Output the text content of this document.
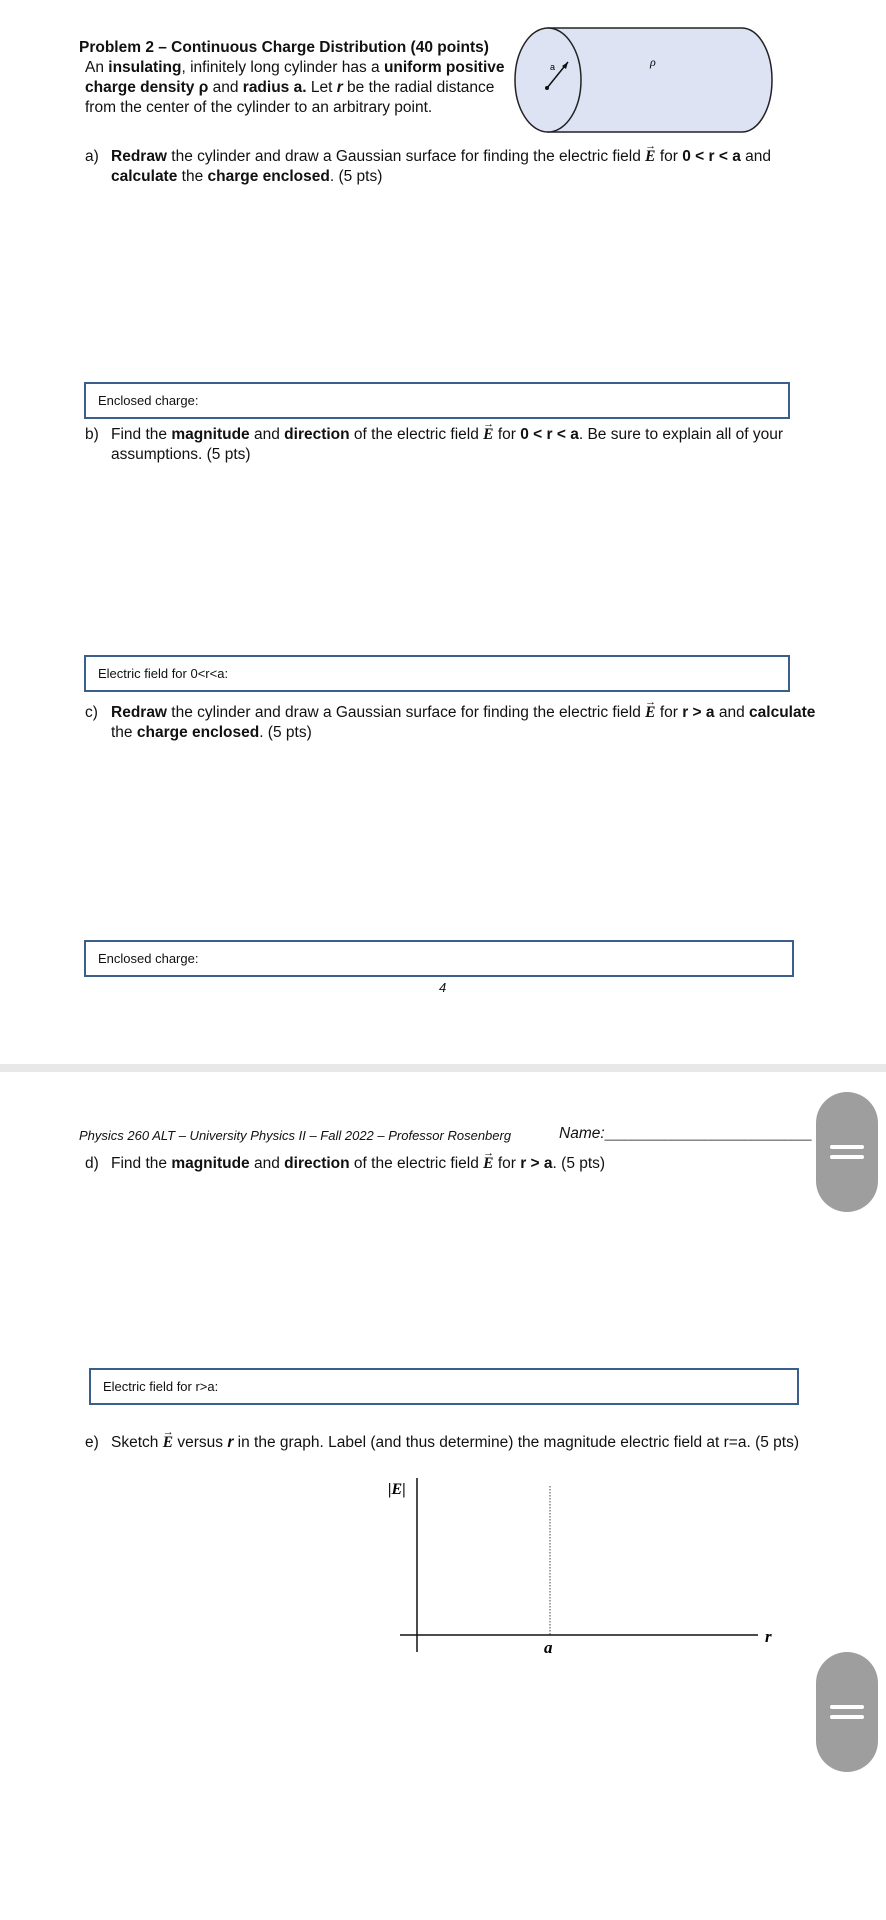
Problem 2 – Continuous Charge Distribution (40 points)
An insulating, infinitely long cylinder has a uniform positive charge density ρ and radius a. Let r be the radial distance from the center of the cylinder to an arbitrary point.
a	ρ
a) Redraw the cylinder and draw a Gaussian surface for finding the electric field → E for 0 < r < a and calculate the charge enclosed. (5 pts)
Enclosed charge:
b) Find the magnitude and direction of the electric field → E for 0 < r < a. Be sure to explain all of your assumptions. (5 pts)
Electric field for 0<r<a:
c) Redraw the cylinder and draw a Gaussian surface for finding the electric field → E for r > a and calculate the charge enclosed. (5 pts)
Enclosed charge:
4
Physics 260 ALT – University Physics II – Fall 2022 – Professor Rosenberg	Name:_______________________________
d) Find the magnitude and direction of the electric field → E for r > a. (5 pts)
Electric field for r>a:
e) Sketch → E versus r in the graph. Label (and thus determine) the magnitude electric field at r=a. (5 pts)
|E|
r
a
